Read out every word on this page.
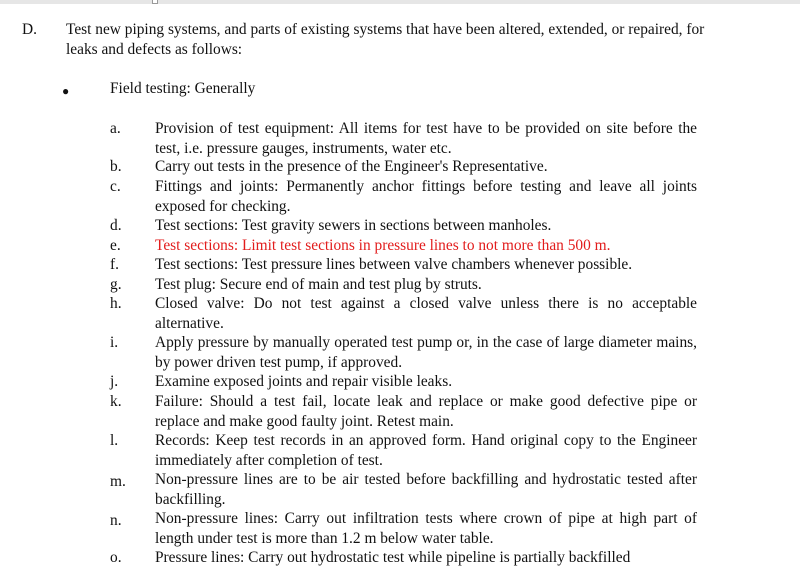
D. Test new piping systems, and parts of existing systems that have been altered, extended, or repaired, for leaks and defects as follows:
●	Field testing: Generally
a.	Provision of test equipment: All items for test have to be provided on site before the test, i.e. pressure gauges, instruments, water etc.
b.	Carry out tests in the presence of the Engineer's Representative.
c.	Fittings and joints: Permanently anchor fittings before testing and leave all joints exposed for checking.
d.	Test sections: Test gravity sewers in sections between manholes.
e.	Test sections: Limit test sections in pressure lines to not more than 500 m.
f.	Test sections: Test pressure lines between valve chambers whenever possible.
g.	Test plug: Secure end of main and test plug by struts.
h.	Closed valve: Do not test against a closed valve unless there is no acceptable alternative.
i.	Apply pressure by manually operated test pump or, in the case of large diameter mains, by power driven test pump, if approved.
j.	Examine exposed joints and repair visible leaks.
k.	Failure: Should a test fail, locate leak and replace or make good defective pipe or replace and make good faulty joint. Retest main.
l.	Records: Keep test records in an approved form. Hand original copy to the Engineer immediately after completion of test.
m.	Non-pressure lines are to be air tested before backfilling and hydrostatic tested after backfilling.
n.	Non-pressure lines: Carry out infiltration tests where crown of pipe at high part of length under test is more than 1.2 m below water table.
o. Pressure lines: Carry out hydrostatic test while pipeline is partially backfilled
